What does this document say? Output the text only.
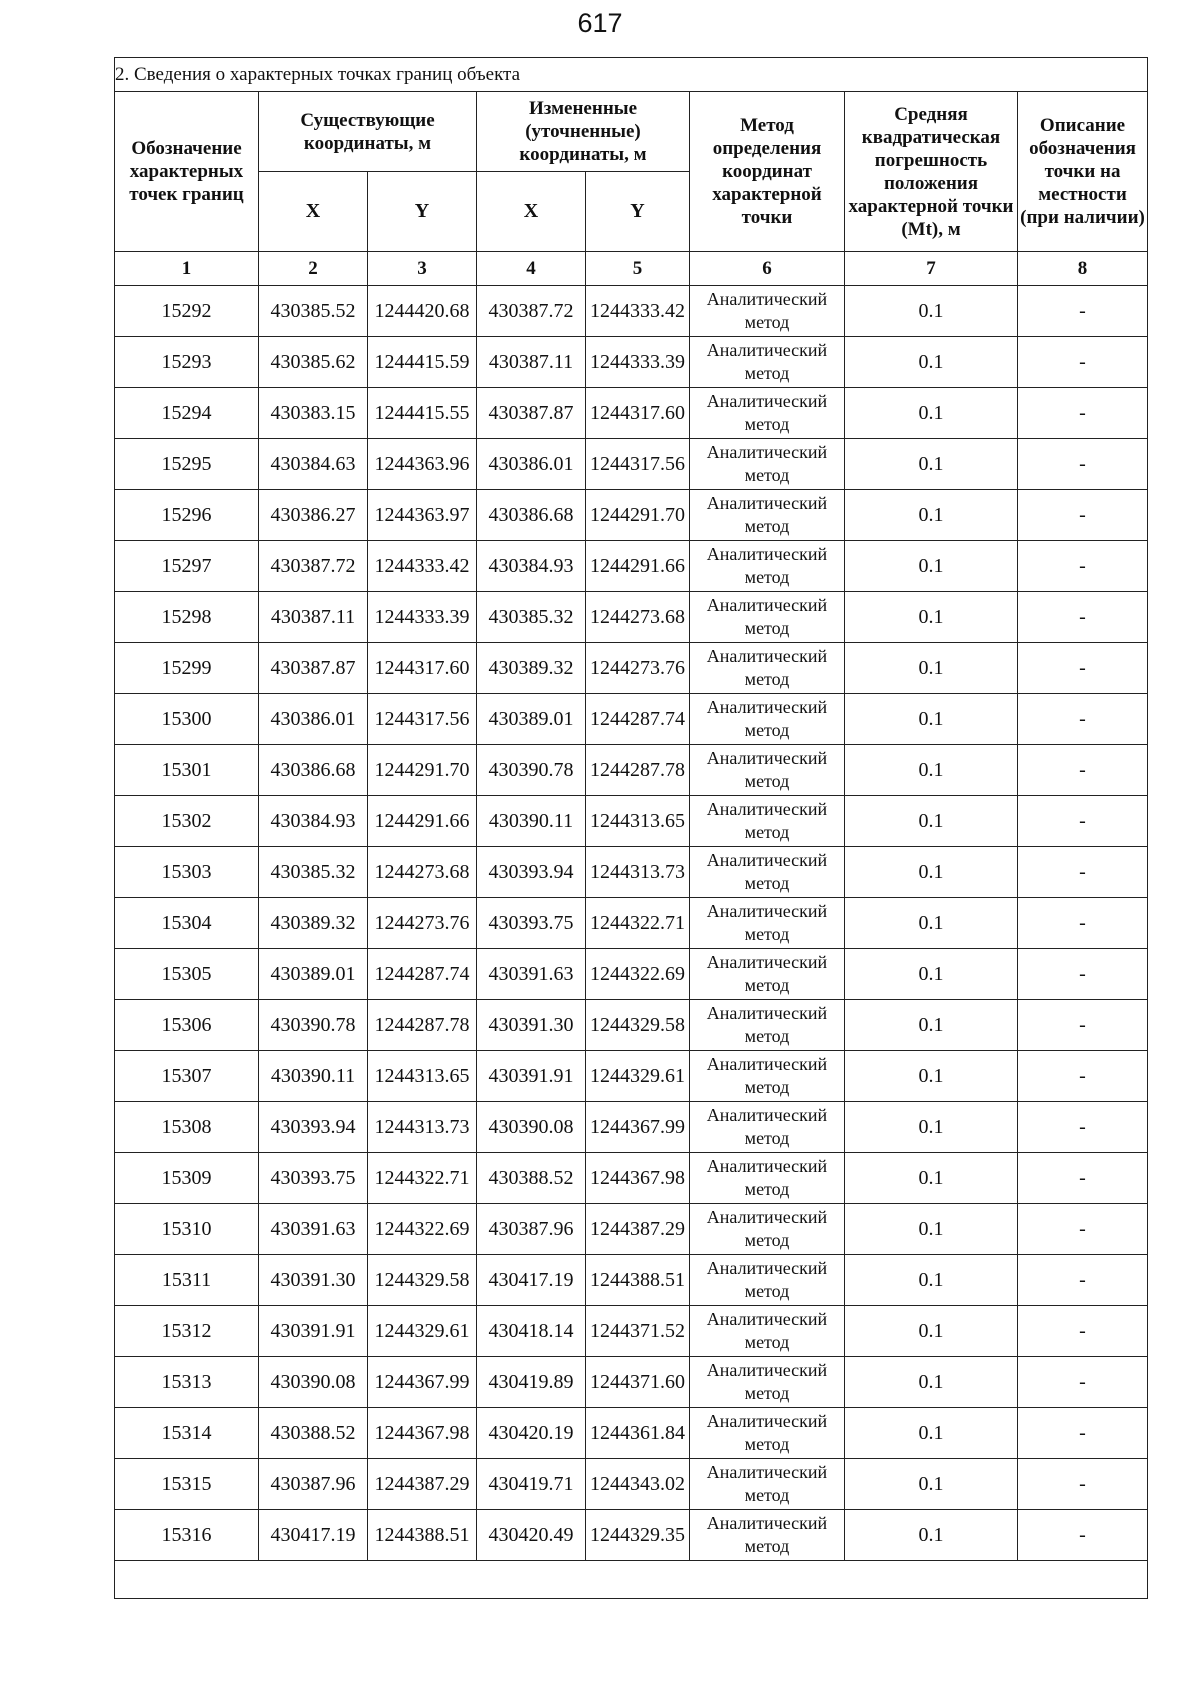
617
2. Сведения о характерных точках границ объекта							
Обозначение характерных точек границ	Существующие координаты, м		Измененные (уточненные) координаты, м		Метод определения координат характерной точки	Средняя квадратическая погрешность положения характерной точки (Mt), м	Описание обозначения точки на местности (при наличии)
	X	Y	X	Y			
1	2	3	4	5	6	7	8
15292	430385.52	1244420.68	430387.72	1244333.42	Аналитический метод	0.1	-
15293	430385.62	1244415.59	430387.11	1244333.39	Аналитический метод	0.1	-
15294	430383.15	1244415.55	430387.87	1244317.60	Аналитический метод	0.1	-
15295	430384.63	1244363.96	430386.01	1244317.56	Аналитический метод	0.1	-
15296	430386.27	1244363.97	430386.68	1244291.70	Аналитический метод	0.1	-
15297	430387.72	1244333.42	430384.93	1244291.66	Аналитический метод	0.1	-
15298	430387.11	1244333.39	430385.32	1244273.68	Аналитический метод	0.1	-
15299	430387.87	1244317.60	430389.32	1244273.76	Аналитический метод	0.1	-
15300	430386.01	1244317.56	430389.01	1244287.74	Аналитический метод	0.1	-
15301	430386.68	1244291.70	430390.78	1244287.78	Аналитический метод	0.1	-
15302	430384.93	1244291.66	430390.11	1244313.65	Аналитический метод	0.1	-
15303	430385.32	1244273.68	430393.94	1244313.73	Аналитический метод	0.1	-
15304	430389.32	1244273.76	430393.75	1244322.71	Аналитический метод	0.1	-
15305	430389.01	1244287.74	430391.63	1244322.69	Аналитический метод	0.1	-
15306	430390.78	1244287.78	430391.30	1244329.58	Аналитический метод	0.1	-
15307	430390.11	1244313.65	430391.91	1244329.61	Аналитический метод	0.1	-
15308	430393.94	1244313.73	430390.08	1244367.99	Аналитический метод	0.1	-
15309	430393.75	1244322.71	430388.52	1244367.98	Аналитический метод	0.1	-
15310	430391.63	1244322.69	430387.96	1244387.29	Аналитический метод	0.1	-
15311	430391.30	1244329.58	430417.19	1244388.51	Аналитический метод	0.1	-
15312	430391.91	1244329.61	430418.14	1244371.52	Аналитический метод	0.1	-
15313	430390.08	1244367.99	430419.89	1244371.60	Аналитический метод	0.1	-
15314	430388.52	1244367.98	430420.19	1244361.84	Аналитический метод	0.1	-
15315	430387.96	1244387.29	430419.71	1244343.02	Аналитический метод	0.1	-
15316	430417.19	1244388.51	430420.49	1244329.35	Аналитический метод	0.1	-
